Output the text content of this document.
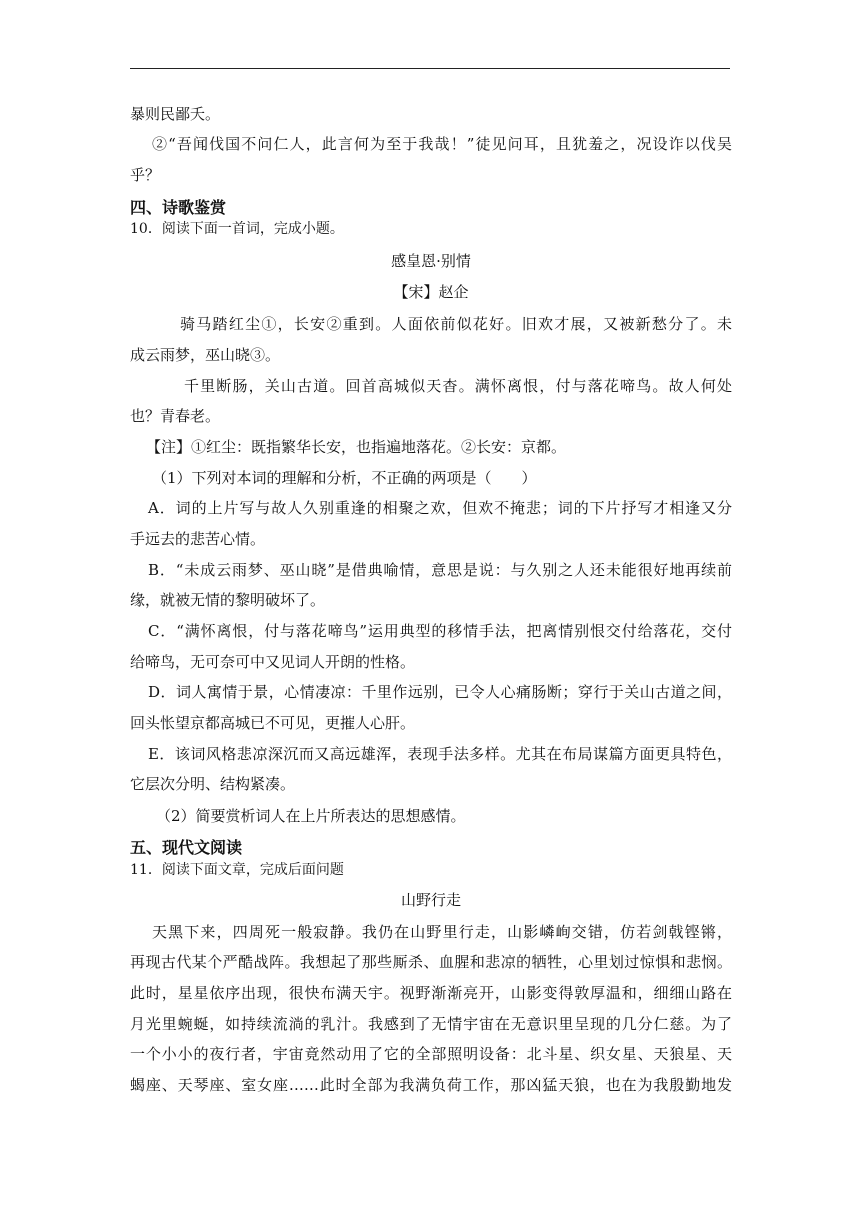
暴则民鄙夭。
②“吾闻伐国不问仁人，此言何为至于我哉！”徒见问耳，且犹羞之，况设诈以伐吴
乎？
四、诗歌鉴赏
10．阅读下面一首词，完成小题。
感皇恩·别情
【宋】赵企
骑马踏红尘①，长安②重到。人面依前似花好。旧欢才展，又被新愁分了。未
成云雨梦，巫山晓③。
千里断肠，关山古道。回首高城似天杳。满怀离恨，付与落花啼鸟。故人何处
也？青春老。
【注】①红尘：既指繁华长安，也指遍地落花。②长安：京都。
（1）下列对本词的理解和分析，不正确的两项是（　　）
A．词的上片写与故人久别重逢的相聚之欢，但欢不掩悲；词的下片抒写才相逢又分
手远去的悲苦心情。
B．“未成云雨梦、巫山晓”是借典喻情，意思是说：与久别之人还未能很好地再续前
缘，就被无情的黎明破坏了。
C．“满怀离恨，付与落花啼鸟”运用典型的移情手法，把离情别恨交付给落花，交付
给啼鸟，无可奈可中又见词人开朗的性格。
D．词人寓情于景，心情凄凉：千里作远别，已令人心痛肠断；穿行于关山古道之间，
回头怅望京都高城已不可见，更摧人心肝。
E．该词风格悲凉深沉而又高远雄浑，表现手法多样。尤其在布局谋篇方面更具特色，
它层次分明、结构紧凑。
（2）简要赏析词人在上片所表达的思想感情。
五、现代文阅读
11．阅读下面文章，完成后面问题
山野行走
天黑下来，四周死一般寂静。我仍在山野里行走，山影嶙峋交错，仿若剑戟铿锵，
再现古代某个严酷战阵。我想起了那些厮杀、血腥和悲凉的牺牲，心里划过惊惧和悲悯。
此时，星星依序出现，很快布满天宇。视野渐渐亮开，山影变得敦厚温和，细细山路在
月光里蜿蜒，如持续流淌的乳汁。我感到了无情宇宙在无意识里呈现的几分仁慈。为了
一个小小的夜行者，宇宙竟然动用了它的全部照明设备：北斗星、织女星、天狼星、天
蝎座、天琴座、室女座……此时全部为我满负荷工作，那凶猛天狼，也在为我殷勤地发
